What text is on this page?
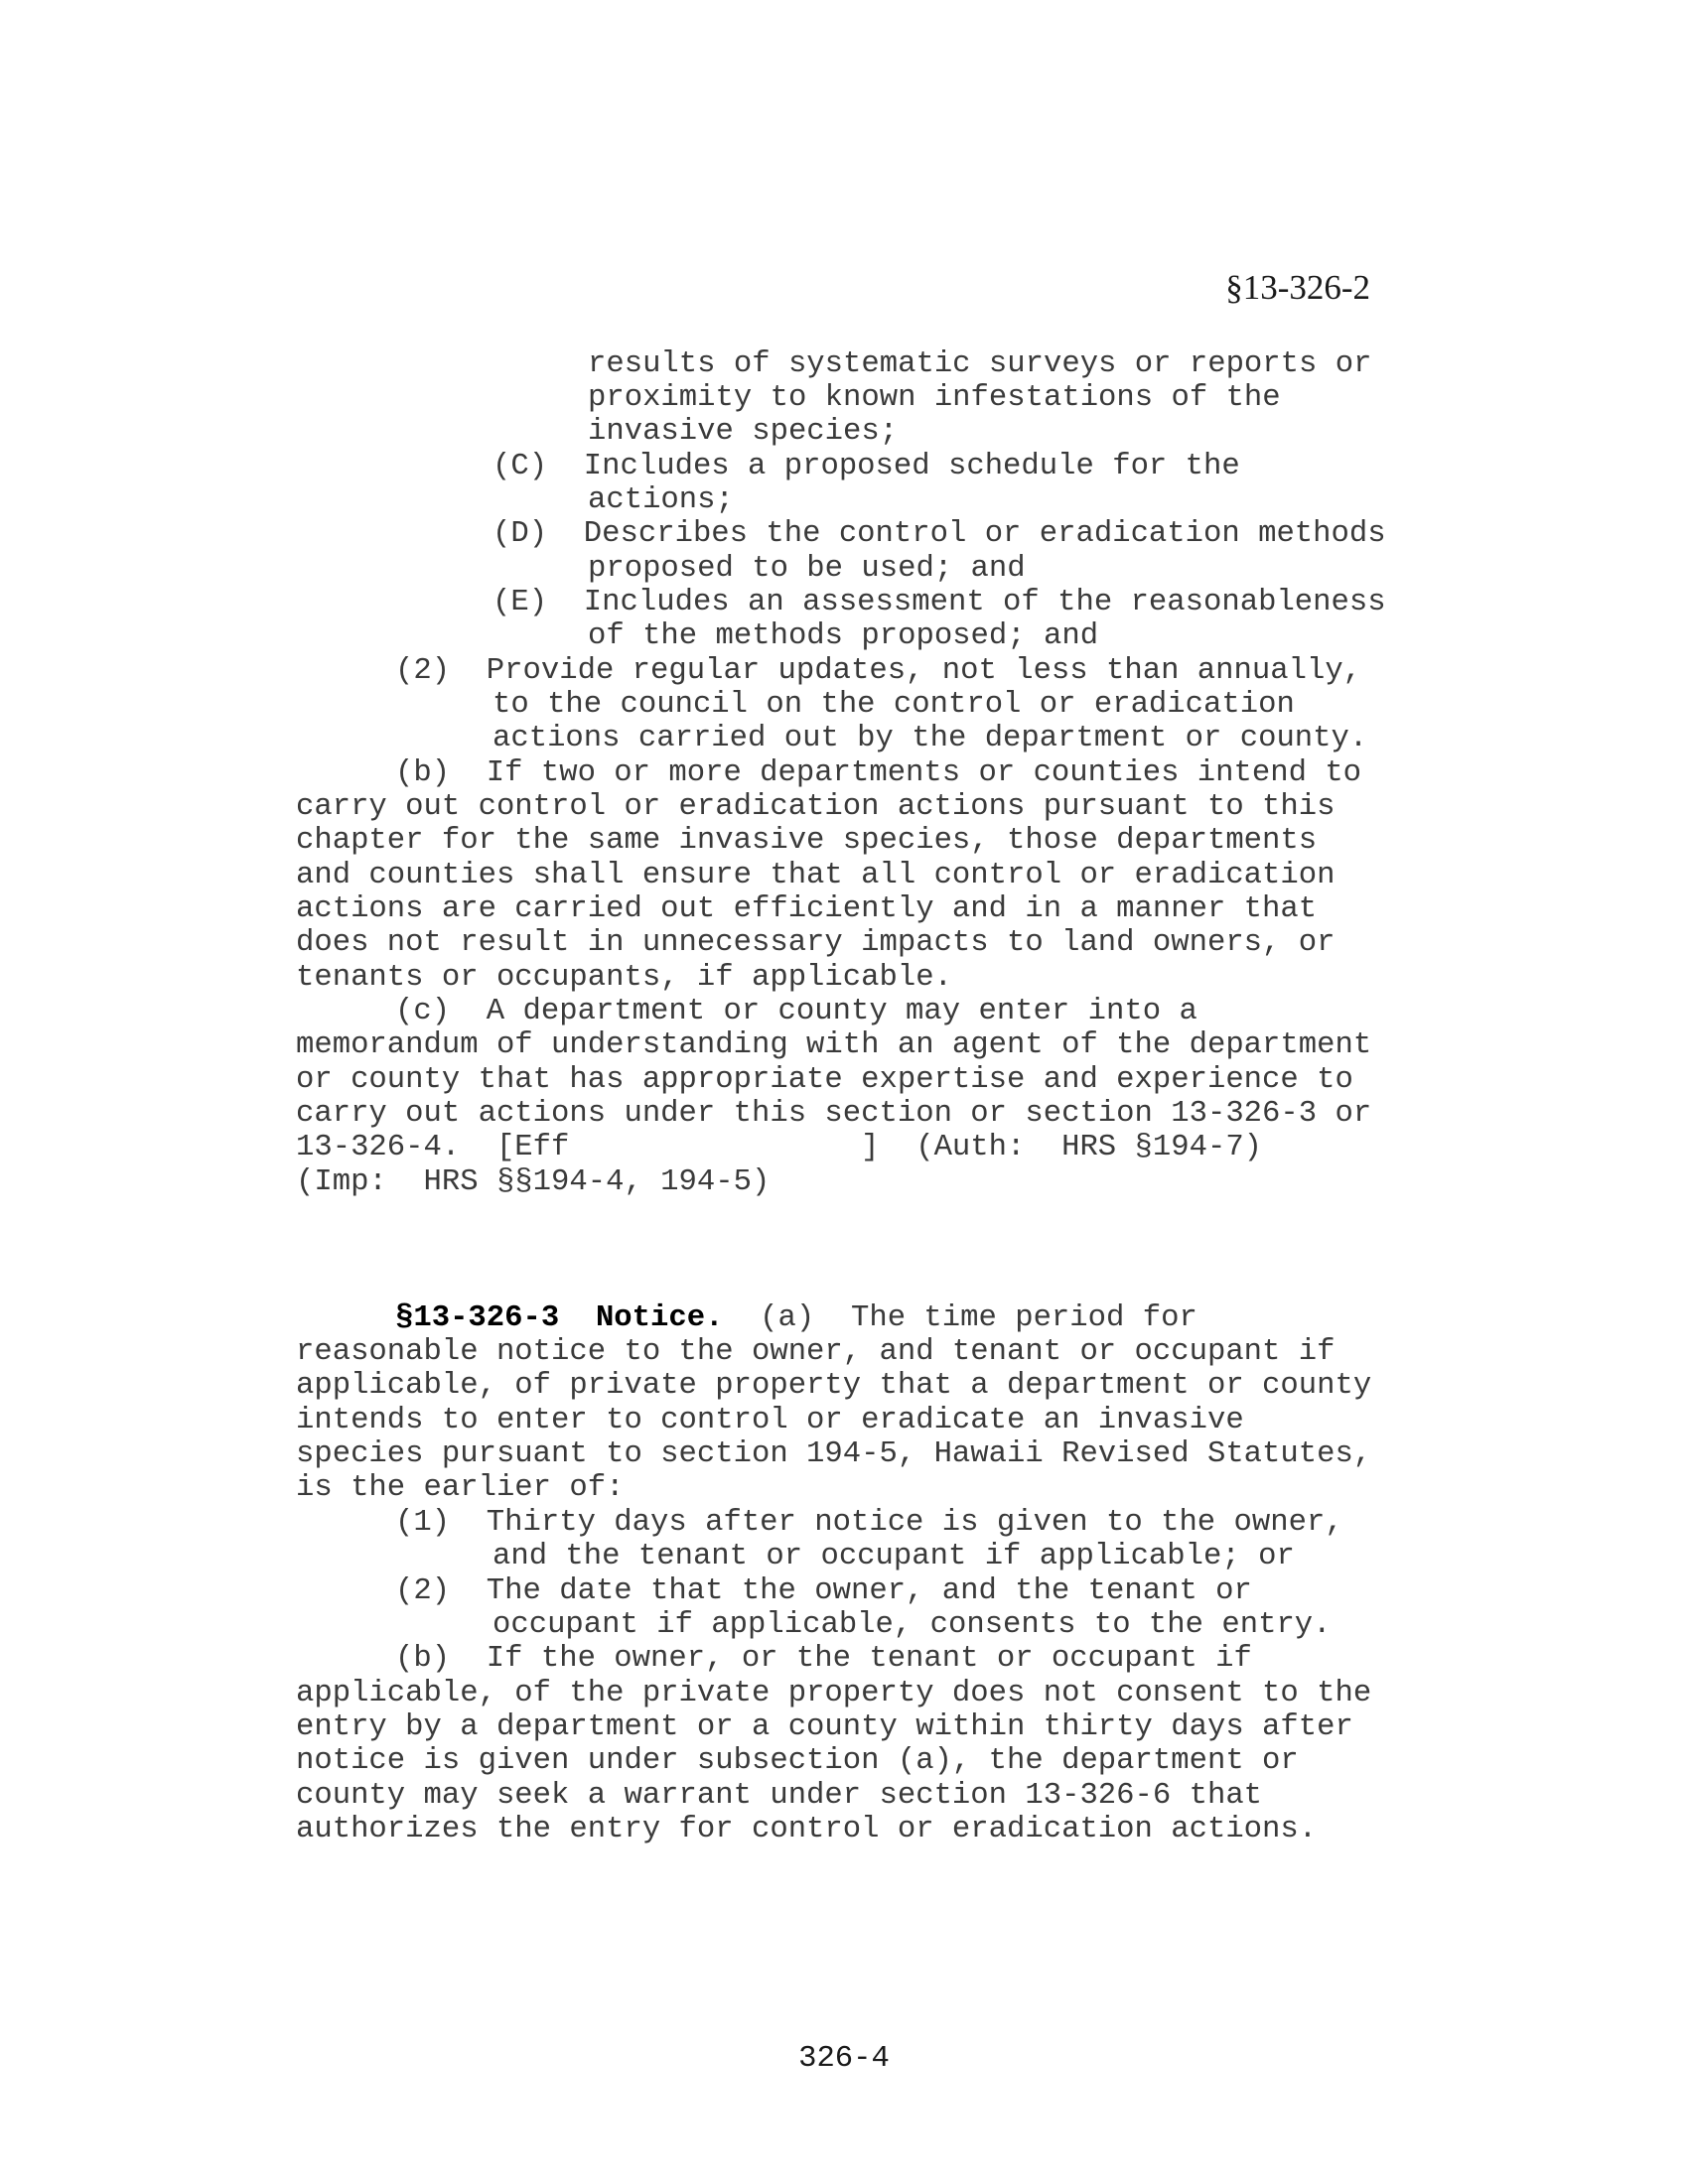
§13-326-2
results of systematic surveys or reports or
proximity to known infestations of the
invasive species;
(C)  Includes a proposed schedule for the
actions;
(D)  Describes the control or eradication methods
proposed to be used; and
(E)  Includes an assessment of the reasonableness
of the methods proposed; and
(2)  Provide regular updates, not less than annually,
to the council on the control or eradication
actions carried out by the department or county.
(b)  If two or more departments or counties intend to
carry out control or eradication actions pursuant to this
chapter for the same invasive species, those departments
and counties shall ensure that all control or eradication
actions are carried out efficiently and in a manner that
does not result in unnecessary impacts to land owners, or
tenants or occupants, if applicable.
(c)  A department or county may enter into a
memorandum of understanding with an agent of the department
or county that has appropriate expertise and experience to
carry out actions under this section or section 13-326-3 or
13-326-4.  [Eff                ]  (Auth:  HRS §194-7)
(Imp:  HRS §§194-4, 194-5)
§13-326-3  Notice.  (a)  The time period for
reasonable notice to the owner, and tenant or occupant if
applicable, of private property that a department or county
intends to enter to control or eradicate an invasive
species pursuant to section 194-5, Hawaii Revised Statutes,
is the earlier of:
(1)  Thirty days after notice is given to the owner,
and the tenant or occupant if applicable; or
(2)  The date that the owner, and the tenant or
occupant if applicable, consents to the entry.
(b)  If the owner, or the tenant or occupant if
applicable, of the private property does not consent to the
entry by a department or a county within thirty days after
notice is given under subsection (a), the department or
county may seek a warrant under section 13-326-6 that
authorizes the entry for control or eradication actions.
326-4
